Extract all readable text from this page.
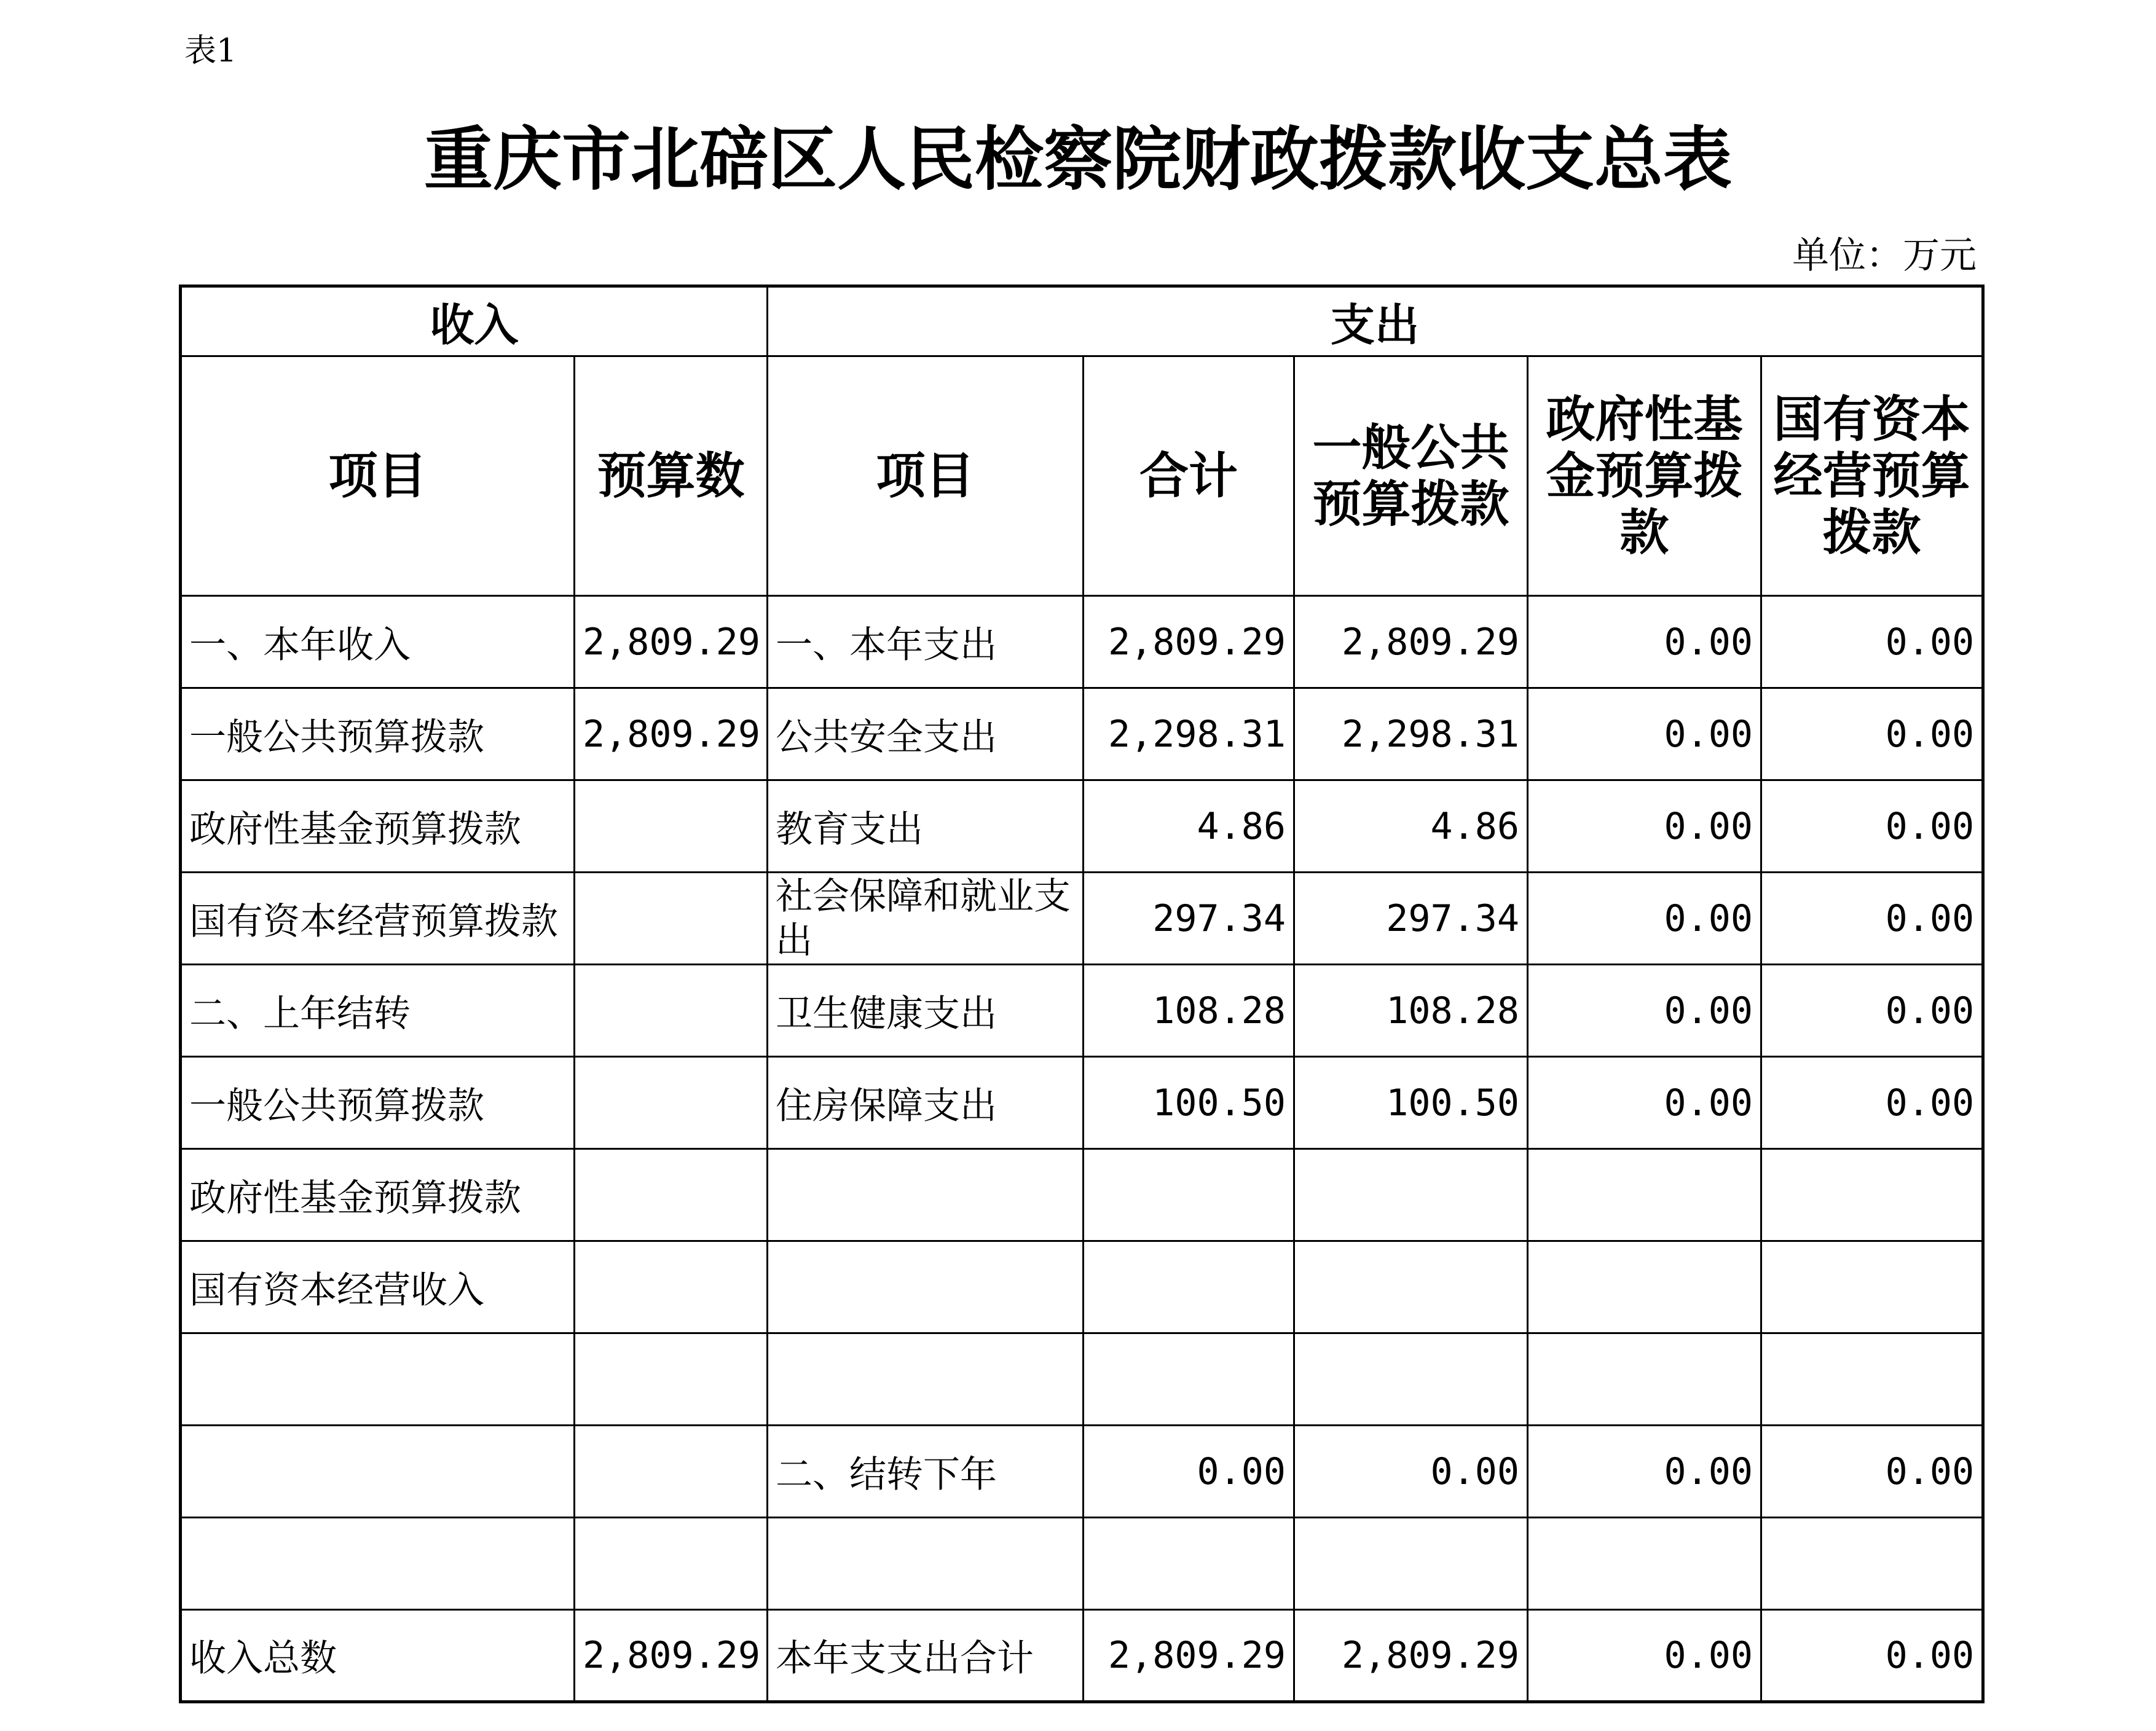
表1
重庆市北碚区人民检察院财政拨款收支总表
单位：万元
收入		支出				
项目	预算数	项目	合计	一般公共预算拨款	政府性基金预算拨款	国有资本经营预算拨款
一、本年收入	2,809.29	一、本年支出	2,809.29	2,809.29	0.00	0.00
一般公共预算拨款	2,809.29	公共安全支出	2,298.31	2,298.31	0.00	0.00
政府性基金预算拨款		教育支出	4.86	4.86	0.00	0.00
国有资本经营预算拨款		社会保障和就业支出	297.34	297.34	0.00	0.00
二、上年结转		卫生健康支出	108.28	108.28	0.00	0.00
一般公共预算拨款		住房保障支出	100.50	100.50	0.00	0.00
政府性基金预算拨款						
国有资本经营收入						

		二、结转下年	0.00	0.00	0.00	0.00

收入总数	2,809.29	本年支支出合计	2,809.29	2,809.29	0.00	0.00
